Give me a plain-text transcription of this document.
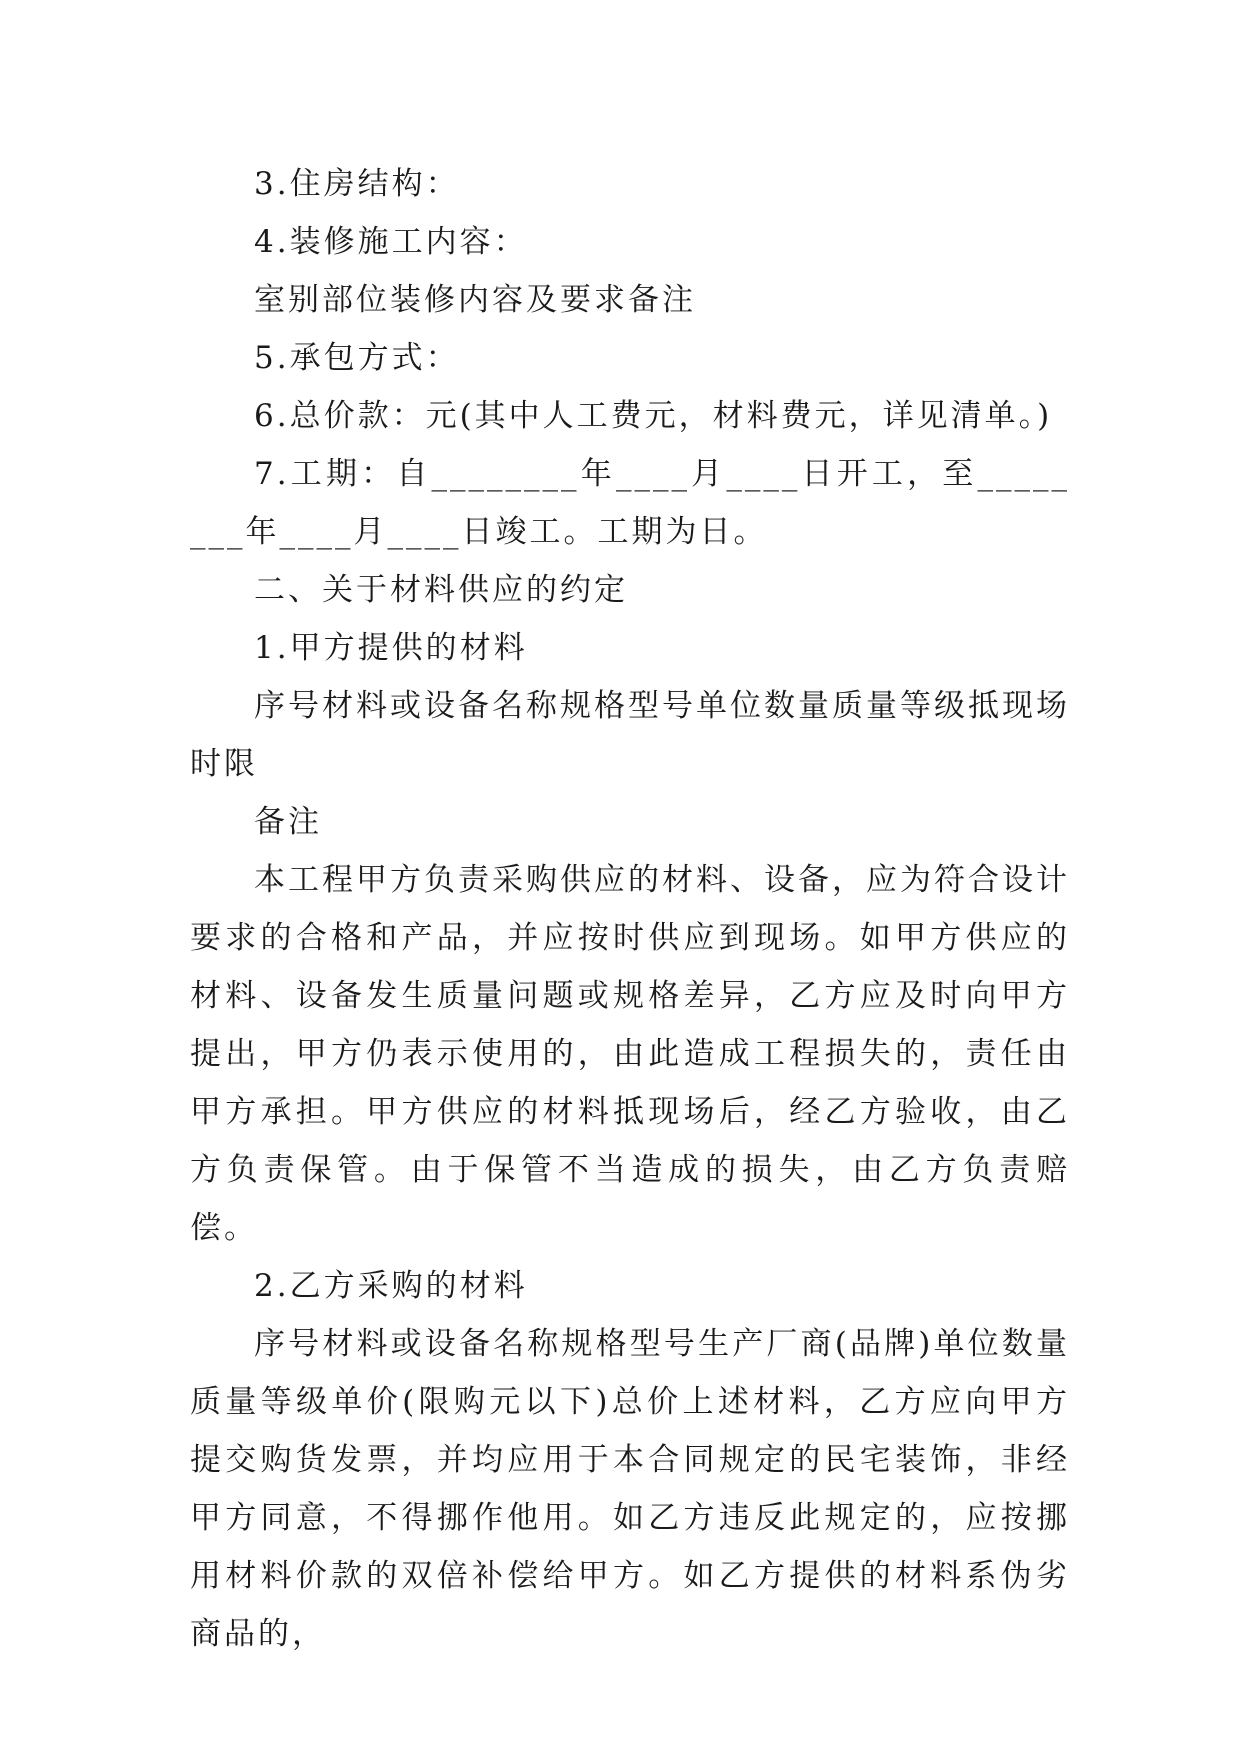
3.住房结构：

4.装修施工内容：

室别部位装修内容及要求备注

5.承包方式：

6.总价款：元(其中人工费元，材料费元，详见清单。)

7.工期：自________年____月____日开工，至________年____月____日竣工。工期为日。

二、关于材料供应的约定

1.甲方提供的材料

序号材料或设备名称规格型号单位数量质量等级抵现场时限

备注

本工程甲方负责采购供应的材料、设备，应为符合设计要求的合格和产品，并应按时供应到现场。如甲方供应的材料、设备发生质量问题或规格差异，乙方应及时向甲方提出，甲方仍表示使用的，由此造成工程损失的，责任由甲方承担。甲方供应的材料抵现场后，经乙方验收，由乙方负责保管。由于保管不当造成的损失，由乙方负责赔偿。

2.乙方采购的材料

序号材料或设备名称规格型号生产厂商(品牌)单位数量质量等级单价(限购元以下)总价上述材料，乙方应向甲方提交购货发票，并均应用于本合同规定的民宅装饰，非经甲方同意，不得挪作他用。如乙方违反此规定的，应按挪用材料价款的双倍补偿给甲方。如乙方提供的材料系伪劣商品的，
